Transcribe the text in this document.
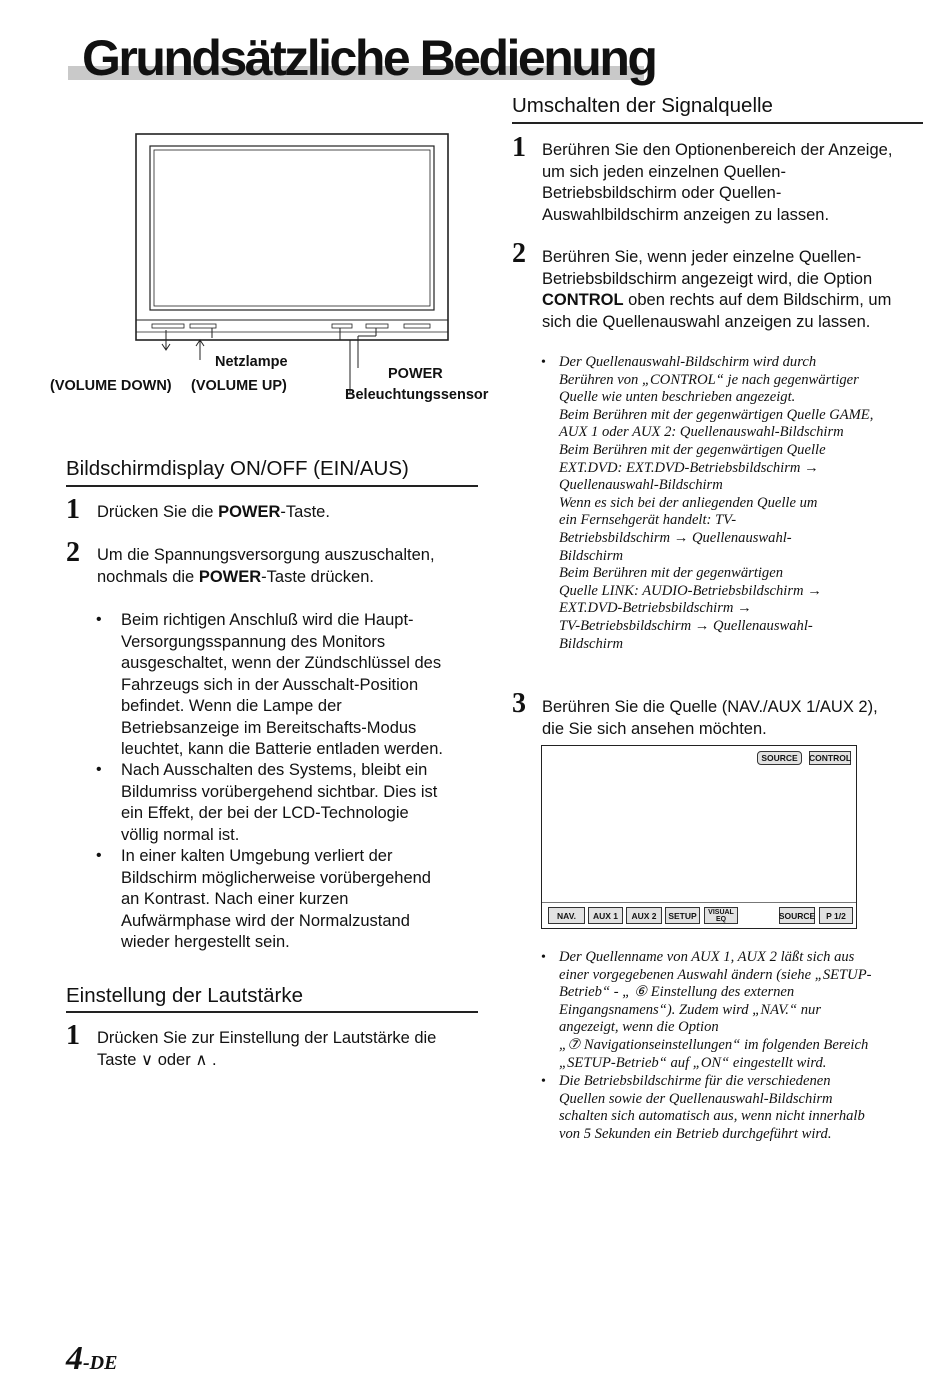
Grundsätzliche Bedienung
Netzlampe
(VOLUME DOWN) (VOLUME UP)
POWER
Beleuchtungssensor
Bildschirmdisplay ON/OFF (EIN/AUS)
1 Drücken Sie die POWER-Taste.
2 Um die Spannungsversorgung auszuschalten,
nochmals die POWER-Taste drücken.
• Beim richtigen Anschluß wird die Haupt-
Versorgungsspannung des Monitors
ausgeschaltet, wenn der Zündschlüssel des
Fahrzeugs sich in der Ausschalt-Position
befindet. Wenn die Lampe der
Betriebsanzeige im Bereitschafts-Modus
leuchtet, kann die Batterie entladen werden.
• Nach Ausschalten des Systems, bleibt ein
Bildumriss vorübergehend sichtbar. Dies ist
ein Effekt, der bei der LCD-Technologie
völlig normal ist.
• In einer kalten Umgebung verliert der
Bildschirm möglicherweise vorübergehend
an Kontrast. Nach einer kurzen
Aufwärmphase wird der Normalzustand
wieder hergestellt sein.
Einstellung der Lautstärke
1 Drücken Sie zur Einstellung der Lautstärke die
Taste ∨ oder ∧ .
Umschalten der Signalquelle
1 Berühren Sie den Optionenbereich der Anzeige,
um sich jeden einzelnen Quellen-
Betriebsbildschirm oder Quellen-
Auswahlbildschirm anzeigen zu lassen.
2 Berühren Sie, wenn jeder einzelne Quellen-
Betriebsbildschirm angezeigt wird, die Option
CONTROL oben rechts auf dem Bildschirm, um
sich die Quellenauswahl anzeigen zu lassen.
• Der Quellenauswahl-Bildschirm wird durch
Berühren von „CONTROL“ je nach gegenwärtiger
Quelle wie unten beschrieben angezeigt.
Beim Berühren mit der gegenwärtigen Quelle GAME,
AUX 1 oder AUX 2: Quellenauswahl-Bildschirm
Beim Berühren mit der gegenwärtigen Quelle
EXT.DVD: EXT.DVD-Betriebsbildschirm →
Quellenauswahl-Bildschirm
Wenn es sich bei der anliegenden Quelle um
ein Fernsehgerät handelt: TV-
Betriebsbildschirm → Quellenauswahl-
Bildschirm
Beim Berühren mit der gegenwärtigen
Quelle LINK: AUDIO-Betriebsbildschirm →
EXT.DVD-Betriebsbildschirm →
TV-Betriebsbildschirm → Quellenauswahl-
Bildschirm
3 Berühren Sie die Quelle (NAV./AUX 1/AUX 2),
die Sie sich ansehen möchten.
SOURCE	CONTROL
NAV.	AUX 1	AUX 2	SETUP	VISUAL
EQ	SOURCE	P 1/2
• Der Quellenname von AUX 1, AUX 2 läßt sich aus
einer vorgegebenen Auswahl ändern (siehe „SETUP-
Betrieb“ - „ ⑥ Einstellung des externen
Eingangsnamens“). Zudem wird „NAV.“ nur
angezeigt, wenn die Option
„⑦ Navigationseinstellungen“ im folgenden Bereich
„SETUP-Betrieb“ auf „ON“ eingestellt wird.
• Die Betriebsbildschirme für die verschiedenen
Quellen sowie der Quellenauswahl-Bildschirm
schalten sich automatisch aus, wenn nicht innerhalb
von 5 Sekunden ein Betrieb durchgeführt wird.
4-DE
